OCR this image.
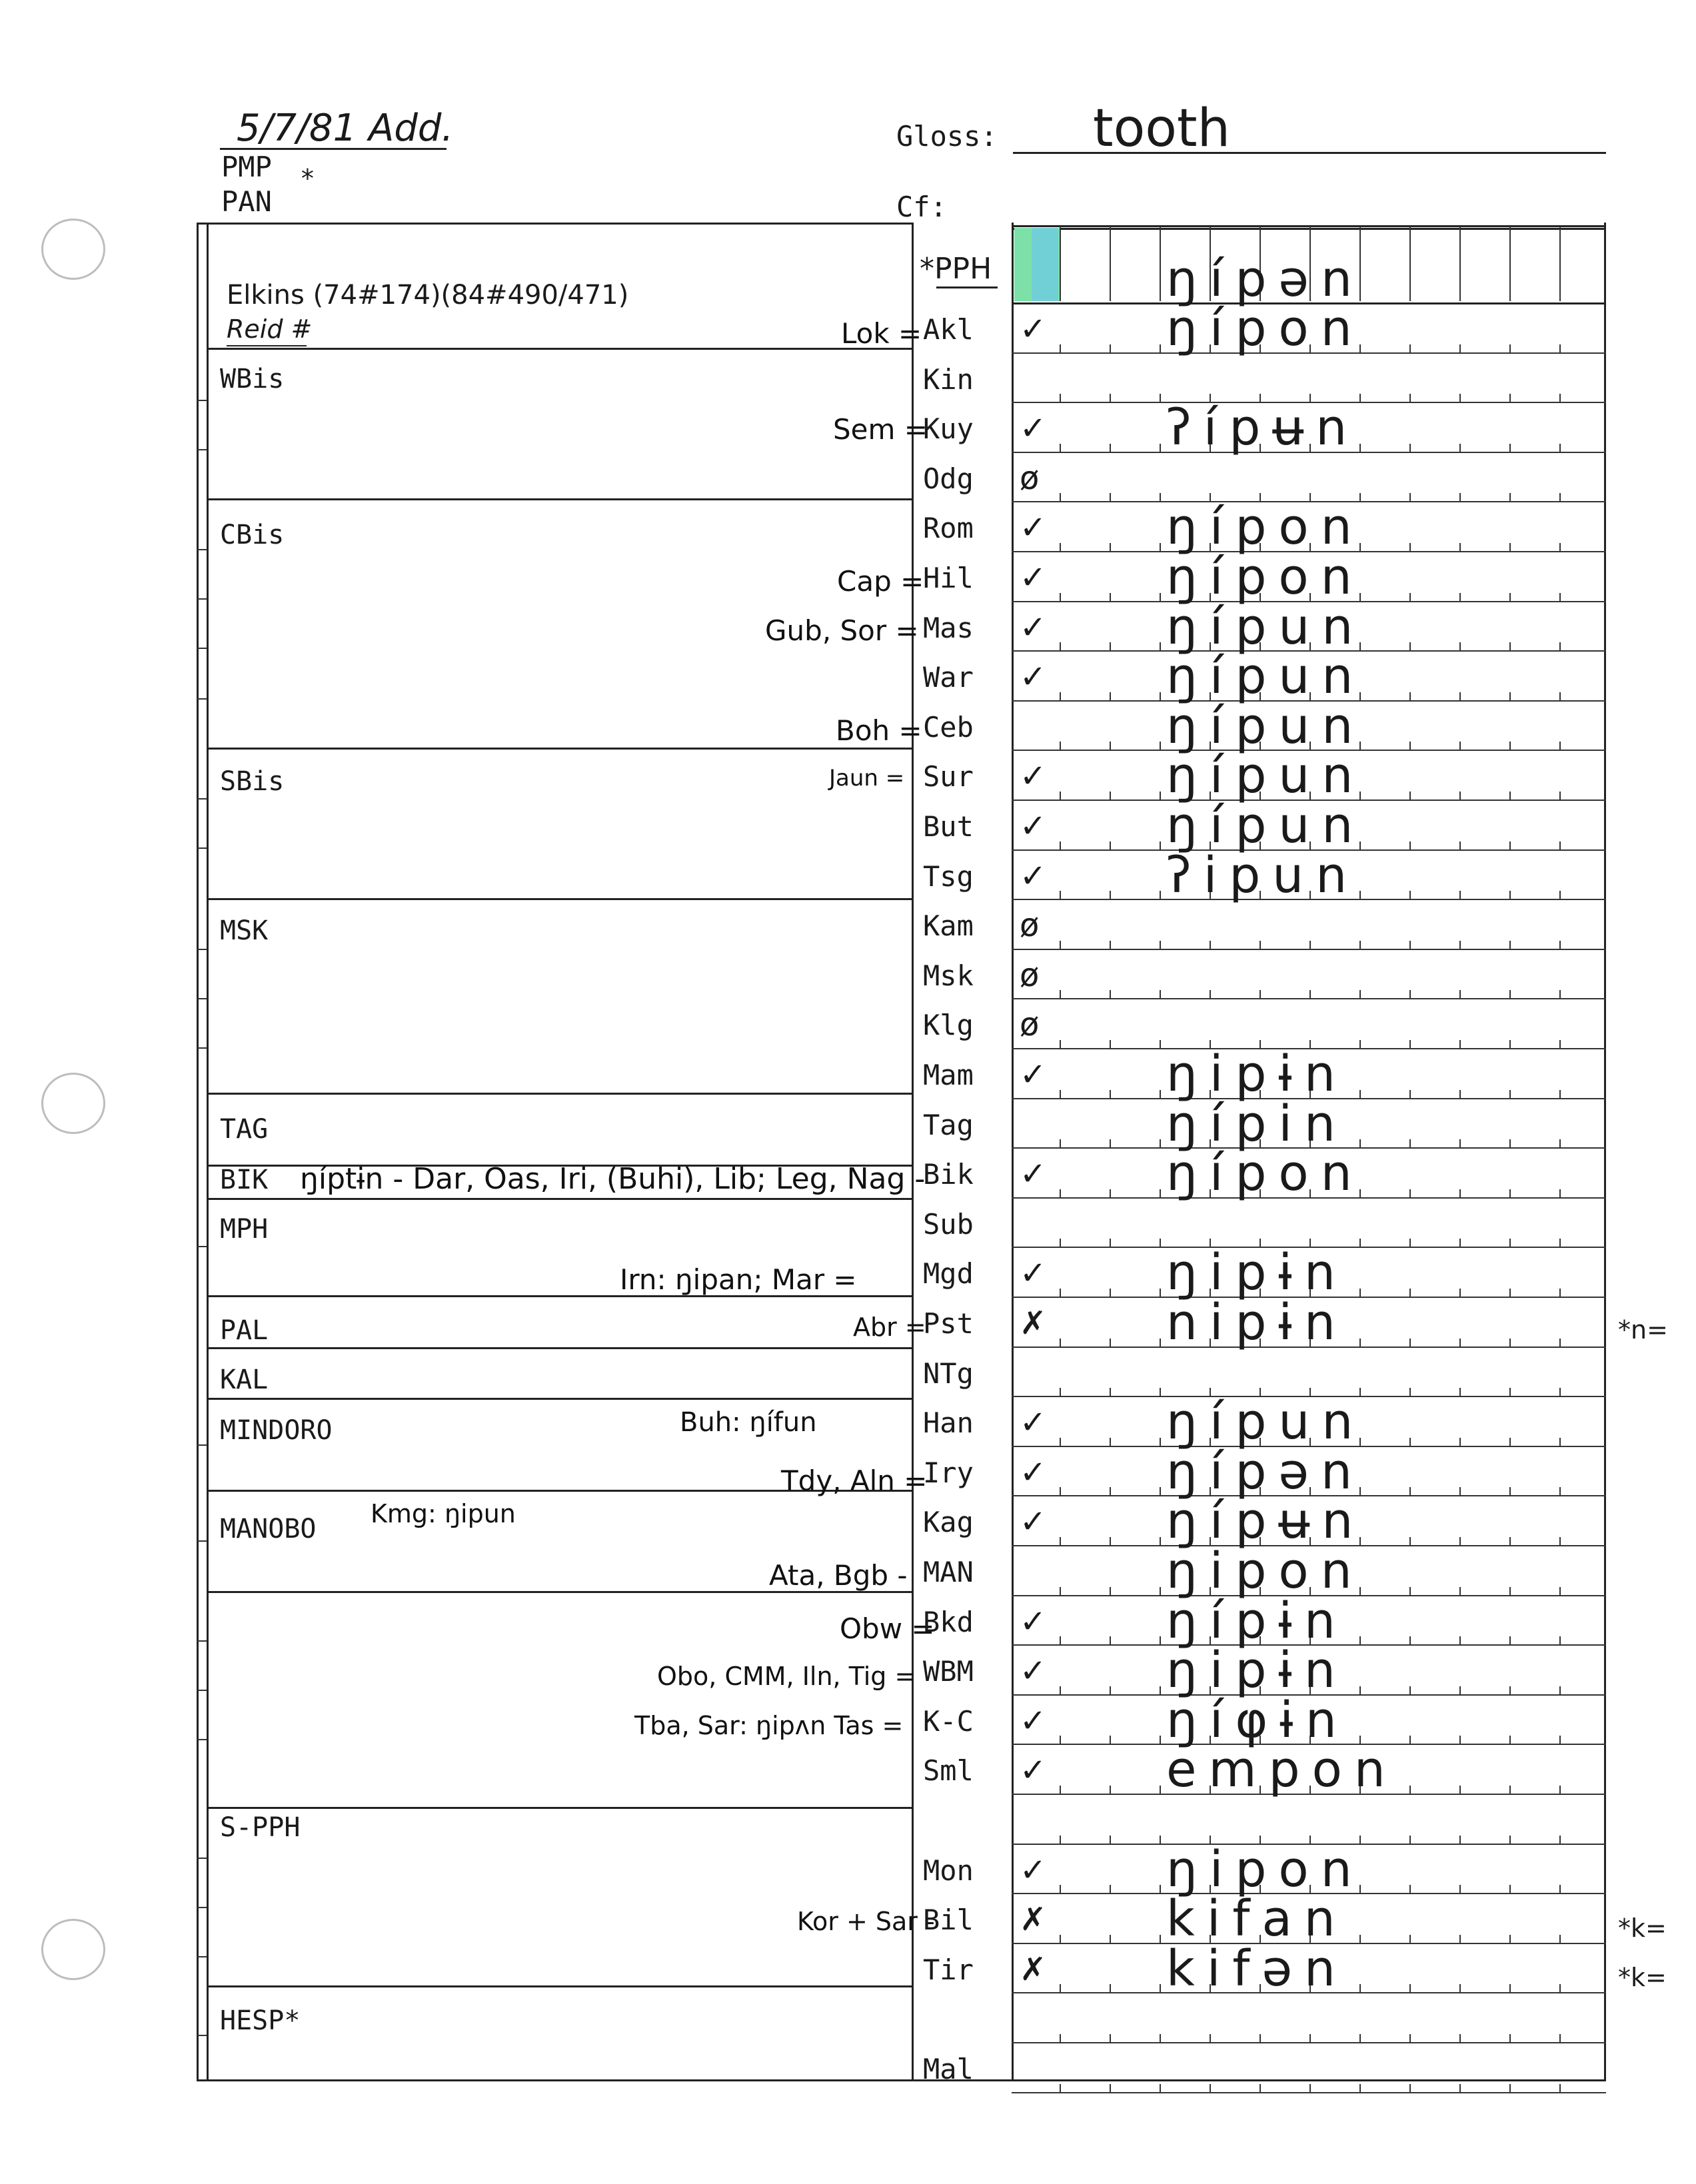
5/7/81 Add.
PMP *
PAN
Gloss: tooth
Cf:
*PPH	ŋípən
Elkins (74#174)(84#490/471)
Reid #
WBis
CBis
SBis
MSK
TAG
BIK
MPH
PAL
KAL
MINDORO
MANOBO
S-PPH
HESP*
Lok =
Sem =
Cap =
Gub, Sor =
Boh =
Jaun =
ŋíptɨn - Dar, Oas, Iri, (Buhi), Lib; Leg, Nag -
Irn: ŋipan; Mar =
Abr =
Buh: ŋífun
Tdy, Aln =
Kmg: ŋipun
Ata, Bgb -
Obw =
Obo, CMM, Iln, Tig =
Tba, Sar: ŋipʌn Tas =
Kor + Sar -
Akl	✓ ŋípon
Kin
Kuy	✓ ʔípʉn
Odg	ø
Rom	✓ ŋípon
Hil	✓ ŋípon
Mas	✓ ŋípun
War	✓ ŋípun
Ceb	ŋípun
Sur	✓ ŋípun
But	✓ ŋípun
Tsg	✓ ʔipun
Kam	ø
Msk	ø
Klg	ø
Mam	✓ ŋipɨn
Tag	ŋípin
Bik	✓ ŋípon
Sub
Mgd	✓ ŋipɨn
Pst	✗ nipɨn
NTg
Han	✓ ŋípun
Iry	✓ ŋípən
Kag	✓ ŋípʉn
MAN	ŋipon
Bkd	✓ ŋípɨn
WBM	✓ ŋipɨn
K-C	✓ ŋíφɨn
Sml	✓ empon
Mon	✓ ŋipon
Bil	✗ kifan
Tir	✗ kifən
Mal
*n=
*k=
*k=
